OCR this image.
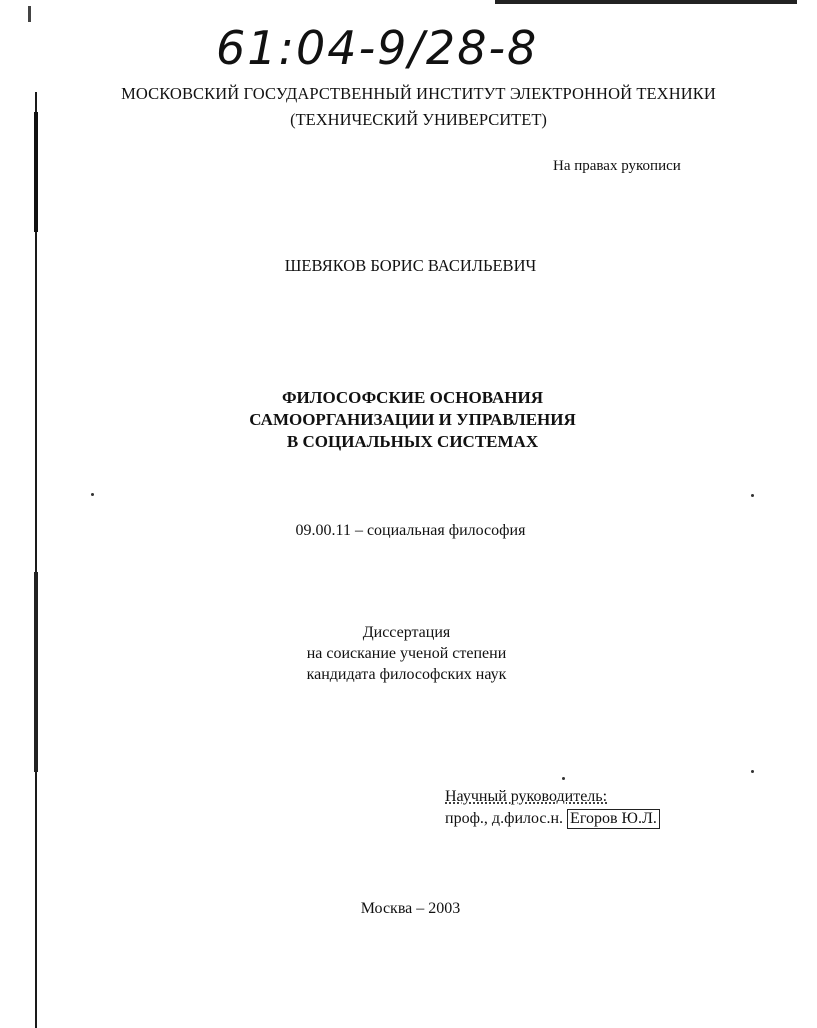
61:04-9/28-8
МОСКОВСКИЙ ГОСУДАРСТВЕННЫЙ ИНСТИТУТ ЭЛЕКТРОННОЙ ТЕХНИКИ
(ТЕХНИЧЕСКИЙ УНИВЕРСИТЕТ)
На правах рукописи
ШЕВЯКОВ БОРИС ВАСИЛЬЕВИЧ
ФИЛОСОФСКИЕ ОСНОВАНИЯ
САМООРГАНИЗАЦИИ И УПРАВЛЕНИЯ
В СОЦИАЛЬНЫХ СИСТЕМАХ
09.00.11 – социальная философия
Диссертация
на соискание ученой степени
кандидата философских наук
Научный руководитель:
проф., д.филос.н. Егоров Ю.Л.
Москва – 2003
